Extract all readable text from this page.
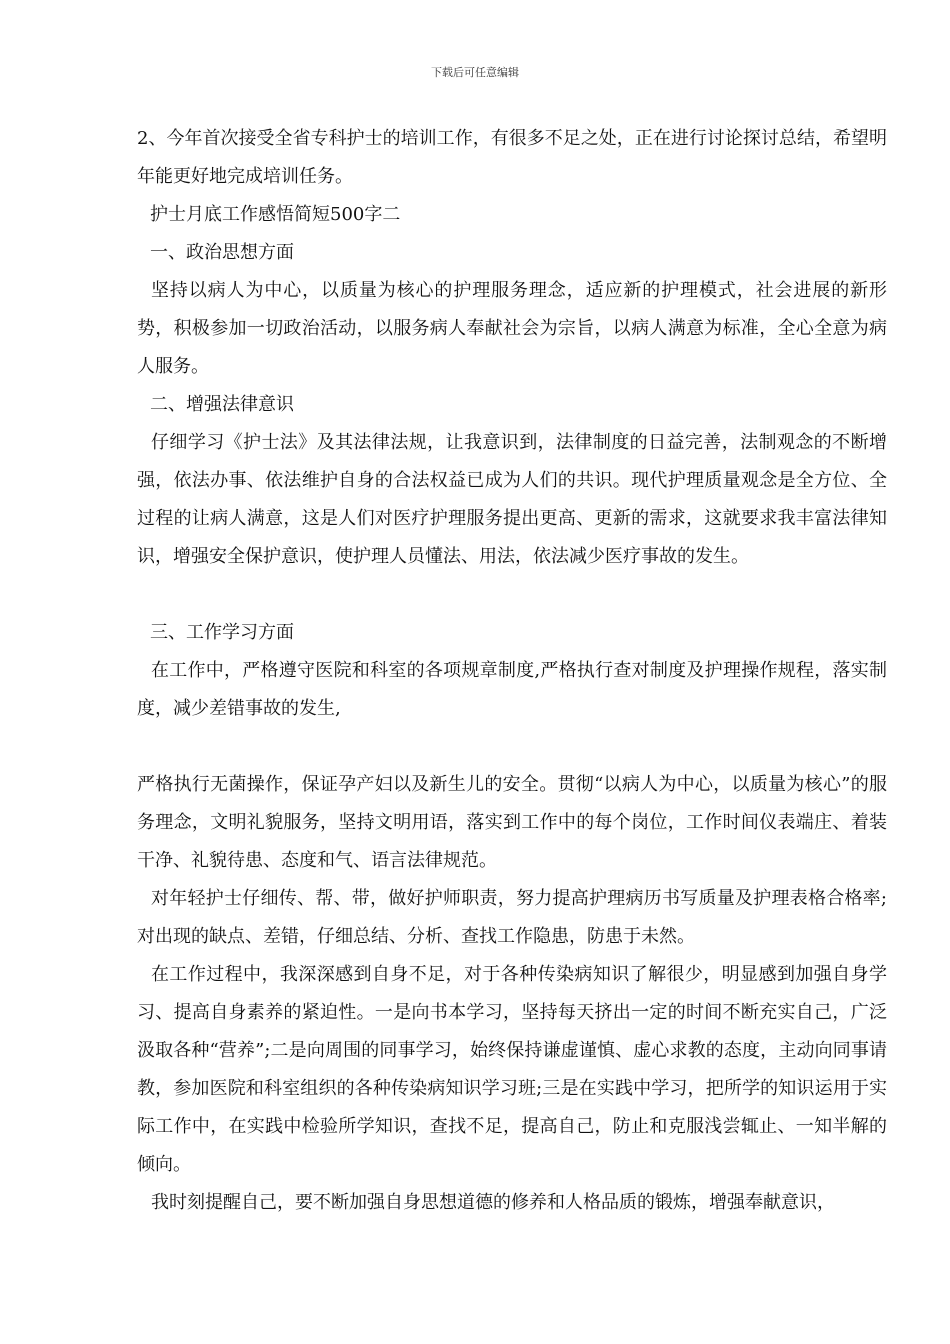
下载后可任意编辑

2、今年首次接受全省专科护士的培训工作，有很多不足之处，正在进行讨论探讨总结，希望明年能更好地完成培训任务。

护士月底工作感悟简短500字二

一、政治思想方面

坚持以病人为中心，以质量为核心的护理服务理念，适应新的护理模式，社会进展的新形势，积极参加一切政治活动，以服务病人奉献社会为宗旨，以病人满意为标准，全心全意为病人服务。

二、增强法律意识

仔细学习《护士法》及其法律法规，让我意识到，法律制度的日益完善，法制观念的不断增强，依法办事、依法维护自身的合法权益已成为人们的共识。现代护理质量观念是全方位、全过程的让病人满意，这是人们对医疗护理服务提出更高、更新的需求，这就要求我丰富法律知识，增强安全保护意识，使护理人员懂法、用法，依法减少医疗事故的发生。

三、工作学习方面

在工作中，严格遵守医院和科室的各项规章制度,严格执行查对制度及护理操作规程，落实制度，减少差错事故的发生,

严格执行无菌操作，保证孕产妇以及新生儿的安全。贯彻“以病人为中心，以质量为核心”的服务理念，文明礼貌服务，坚持文明用语，落实到工作中的每个岗位，工作时间仪表端庄、着装干净、礼貌待患、态度和气、语言法律规范。

对年轻护士仔细传、帮、带，做好护师职责，努力提高护理病历书写质量及护理表格合格率;对出现的缺点、差错，仔细总结、分析、查找工作隐患，防患于未然。

在工作过程中，我深深感到自身不足，对于各种传染病知识了解很少，明显感到加强自身学习、提高自身素养的紧迫性。一是向书本学习，坚持每天挤出一定的时间不断充实自己，广泛汲取各种“营养”;二是向周围的同事学习，始终保持谦虚谨慎、虚心求教的态度，主动向同事请教，参加医院和科室组织的各种传染病知识学习班;三是在实践中学习，把所学的知识运用于实际工作中，在实践中检验所学知识，查找不足，提高自己，防止和克服浅尝辄止、一知半解的倾向。

我时刻提醒自己，要不断加强自身思想道德的修养和人格品质的锻炼，增强奉献意识，
